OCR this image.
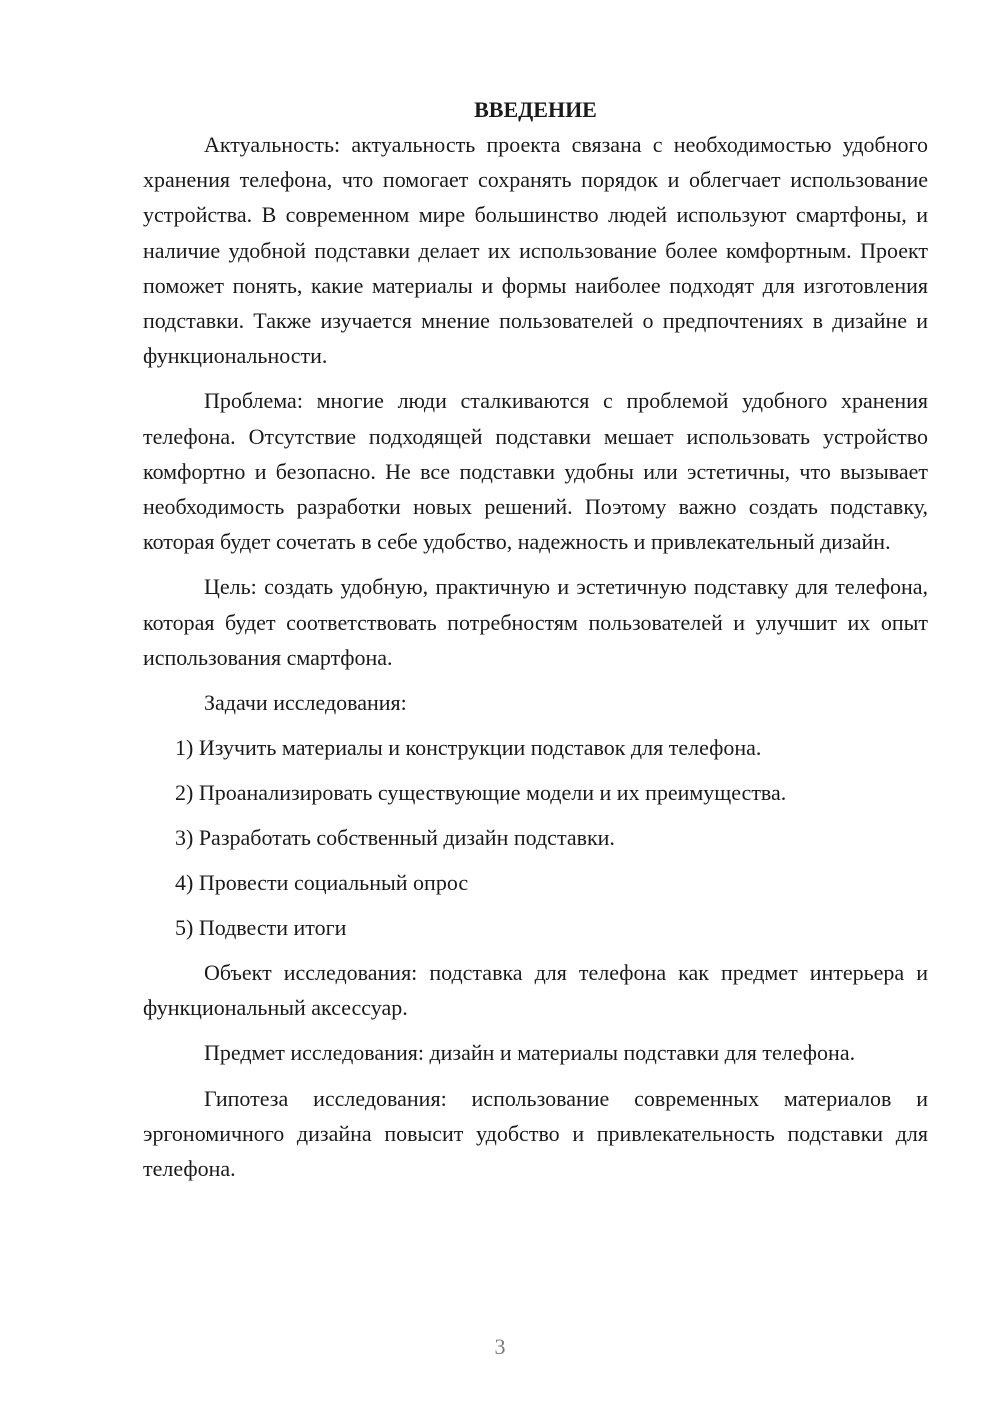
ВВЕДЕНИЕ

Актуальность: актуальность проекта связана с необходимостью удобного хранения телефона, что помогает сохранять порядок и облегчает использование устройства. В современном мире большинство людей используют смартфоны, и наличие удобной подставки делает их использование более комфортным. Проект поможет понять, какие материалы и формы наиболее подходят для изготовления подставки. Также изучается мнение пользователей о предпочтениях в дизайне и функциональности.

Проблема: многие люди сталкиваются с проблемой удобного хранения телефона. Отсутствие подходящей подставки мешает использовать устройство комфортно и безопасно. Не все подставки удобны или эстетичны, что вызывает необходимость разработки новых решений. Поэтому важно создать подставку, которая будет сочетать в себе удобство, надежность и привлекательный дизайн.

Цель: создать удобную, практичную и эстетичную подставку для телефона, которая будет соответствовать потребностям пользователей и улучшит их опыт использования смартфона.

Задачи исследования:
1) Изучить материалы и конструкции подставок для телефона.
2) Проанализировать существующие модели и их преимущества.
3) Разработать собственный дизайн подставки.
4) Провести социальный опрос
5) Подвести итоги

Объект исследования: подставка для телефона как предмет интерьера и функциональный аксессуар.

Предмет исследования: дизайн и материалы подставки для телефона.

Гипотеза исследования: использование современных материалов и эргономичного дизайна повысит удобство и привлекательность подставки для телефона.

3
